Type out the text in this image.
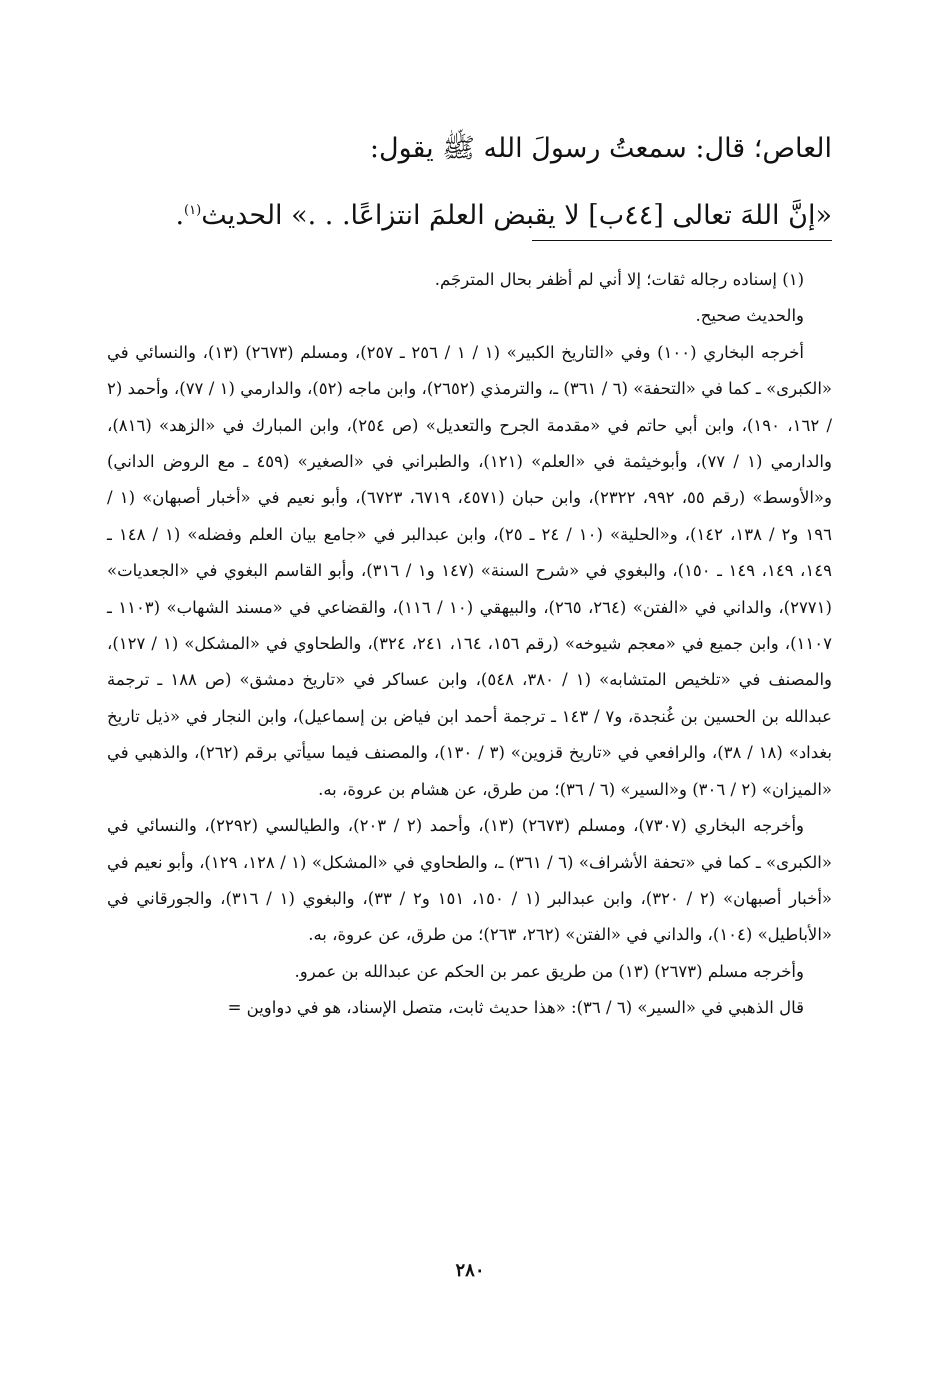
العاص؛ قال: سمعتُ رسولَ الله ﷺ يقول:
«إنَّ اللهَ تعالى [٤٤ب] لا يقبض العلمَ انتزاعًا. . .» الحديث$^{(١)}$.

(١) إسناده رجاله ثقات؛ إلا أني لم أظفر بحال المترجَم.

والحديث صحيح.

أخرجه البخاري (١٠٠) وفي «التاريخ الكبير» (١ / ١ / ٢٥٦ ـ ٢٥٧)، ومسلم (٢٦٧٣) (١٣)، والنسائي في «الكبرى» ـ كما في «التحفة» (٦ / ٣٦١) ـ، والترمذي (٢٦٥٢)، وابن ماجه (٥٢)، والدارمي (١ / ٧٧)، وأحمد (٢ / ١٦٢، ١٩٠)، وابن أبي حاتم في «مقدمة الجرح والتعديل» (ص ٢٥٤)، وابن المبارك في «الزهد» (٨١٦)، والدارمي (١ / ٧٧)، وأبوخيثمة في «العلم» (١٢١)، والطبراني في «الصغير» (٤٥٩ ـ مع الروض الداني) و«الأوسط» (رقم ٥٥، ٩٩٢، ٢٣٢٢)، وابن حبان (٤٥٧١، ٦٧١٩، ٦٧٢٣)، وأبو نعيم في «أخبار أصبهان» (١ / ١٩٦ و٢ / ١٣٨، ١٤٢)، و«الحلية» (١٠ / ٢٤ ـ ٢٥)، وابن عبدالبر في «جامع بيان العلم وفضله» (١ / ١٤٨ ـ ١٤٩، ١٤٩، ١٤٩ ـ ١٥٠)، والبغوي في «شرح السنة» (١٤٧ و١ / ٣١٦)، وأبو القاسم البغوي في «الجعديات» (٢٧٧١)، والداني في «الفتن» (٢٦٤، ٢٦٥)، والبيهقي (١٠ / ١١٦)، والقضاعي في «مسند الشهاب» (١١٠٣ ـ ١١٠٧)، وابن جميع في «معجم شيوخه» (رقم ١٥٦، ١٦٤، ٢٤١، ٣٢٤)، والطحاوي في «المشكل» (١ / ١٢٧)، والمصنف في «تلخيص المتشابه» (١ / ٣٨٠، ٥٤٨)، وابن عساكر في «تاريخ دمشق» (ص ١٨٨ ـ ترجمة عبدالله بن الحسين بن غُنجدة، و٧ / ١٤٣ ـ ترجمة أحمد ابن فياض بن إسماعيل)، وابن النجار في «ذيل تاريخ بغداد» (١٨ / ٣٨)، والرافعي في «تاريخ قزوين» (٣ / ١٣٠)، والمصنف فيما سيأتي برقم (٢٦٢)، والذهبي في «الميزان» (٢ / ٣٠٦) و«السير» (٦ / ٣٦)؛ من طرق، عن هشام بن عروة، به.

وأخرجه البخاري (٧٣٠٧)، ومسلم (٢٦٧٣) (١٣)، وأحمد (٢ / ٢٠٣)، والطيالسي (٢٢٩٢)، والنسائي في «الكبرى» ـ كما في «تحفة الأشراف» (٦ / ٣٦١) ـ، والطحاوي في «المشكل» (١ / ١٢٨، ١٢٩)، وأبو نعيم في «أخبار أصبهان» (٢ / ٣٢٠)، وابن عبدالبر (١ / ١٥٠، ١٥١ و٢ / ٣٣)، والبغوي (١ / ٣١٦)، والجورقاني في «الأباطيل» (١٠٤)، والداني في «الفتن» (٢٦٢، ٢٦٣)؛ من طرق، عن عروة، به.

وأخرجه مسلم (٢٦٧٣) (١٣) من طريق عمر بن الحكم عن عبدالله بن عمرو.

قال الذهبي في «السير» (٦ / ٣٦): «هذا حديث ثابت، متصل الإسناد، هو في دواوين =

٢٨٠
